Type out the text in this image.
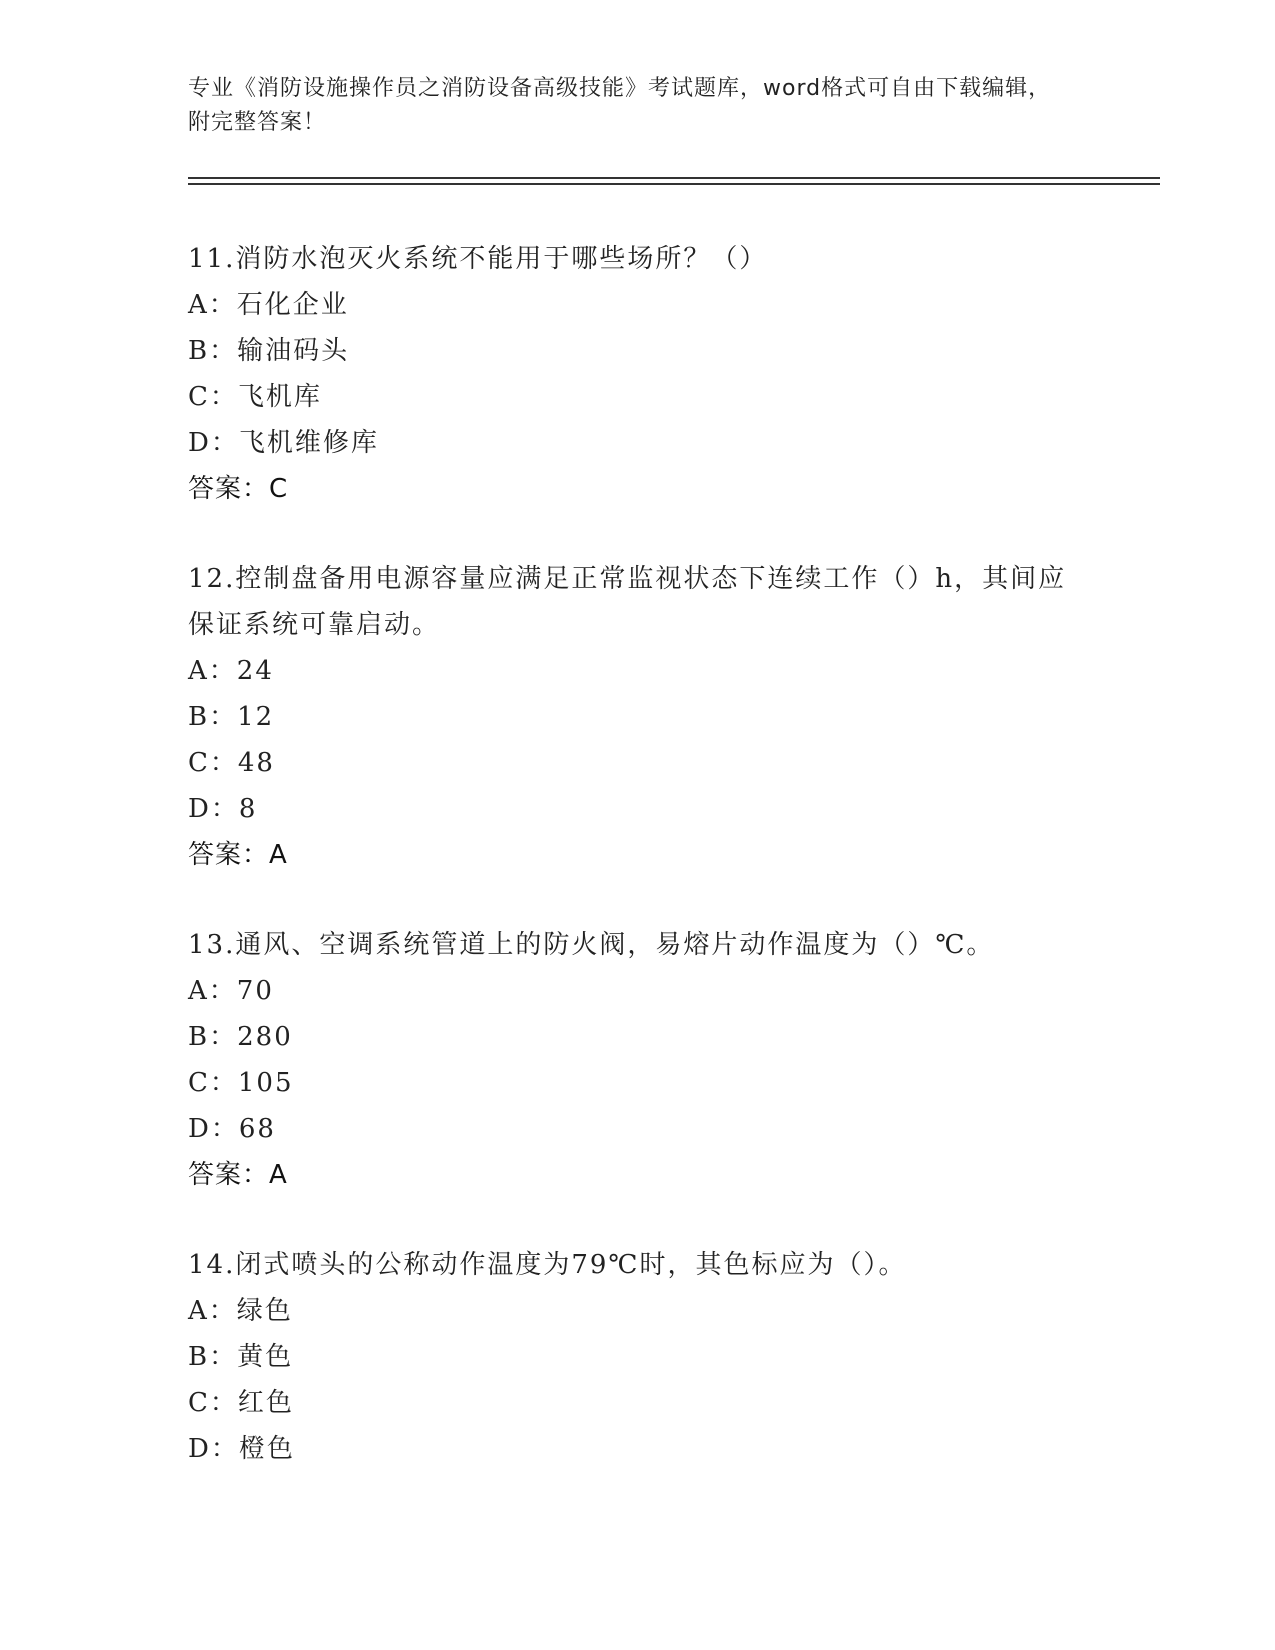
专业《消防设施操作员之消防设备高级技能》考试题库，word格式可自由下载编辑，附完整答案！

11.消防水泡灭火系统不能用于哪些场所？（）

A：石化企业
B：输油码头
C：飞机库
D：飞机维修库

答案：C

12.控制盘备用电源容量应满足正常监视状态下连续工作（）h，其间应保证系统可靠启动。

A：24
B：12
C：48
D：8

答案：A

13.通风、空调系统管道上的防火阀，易熔片动作温度为（）℃。

A：70
B：280
C：105
D：68

答案：A

14.闭式喷头的公称动作温度为79℃时，其色标应为（）。

A：绿色
B：黄色
C：红色
D：橙色
